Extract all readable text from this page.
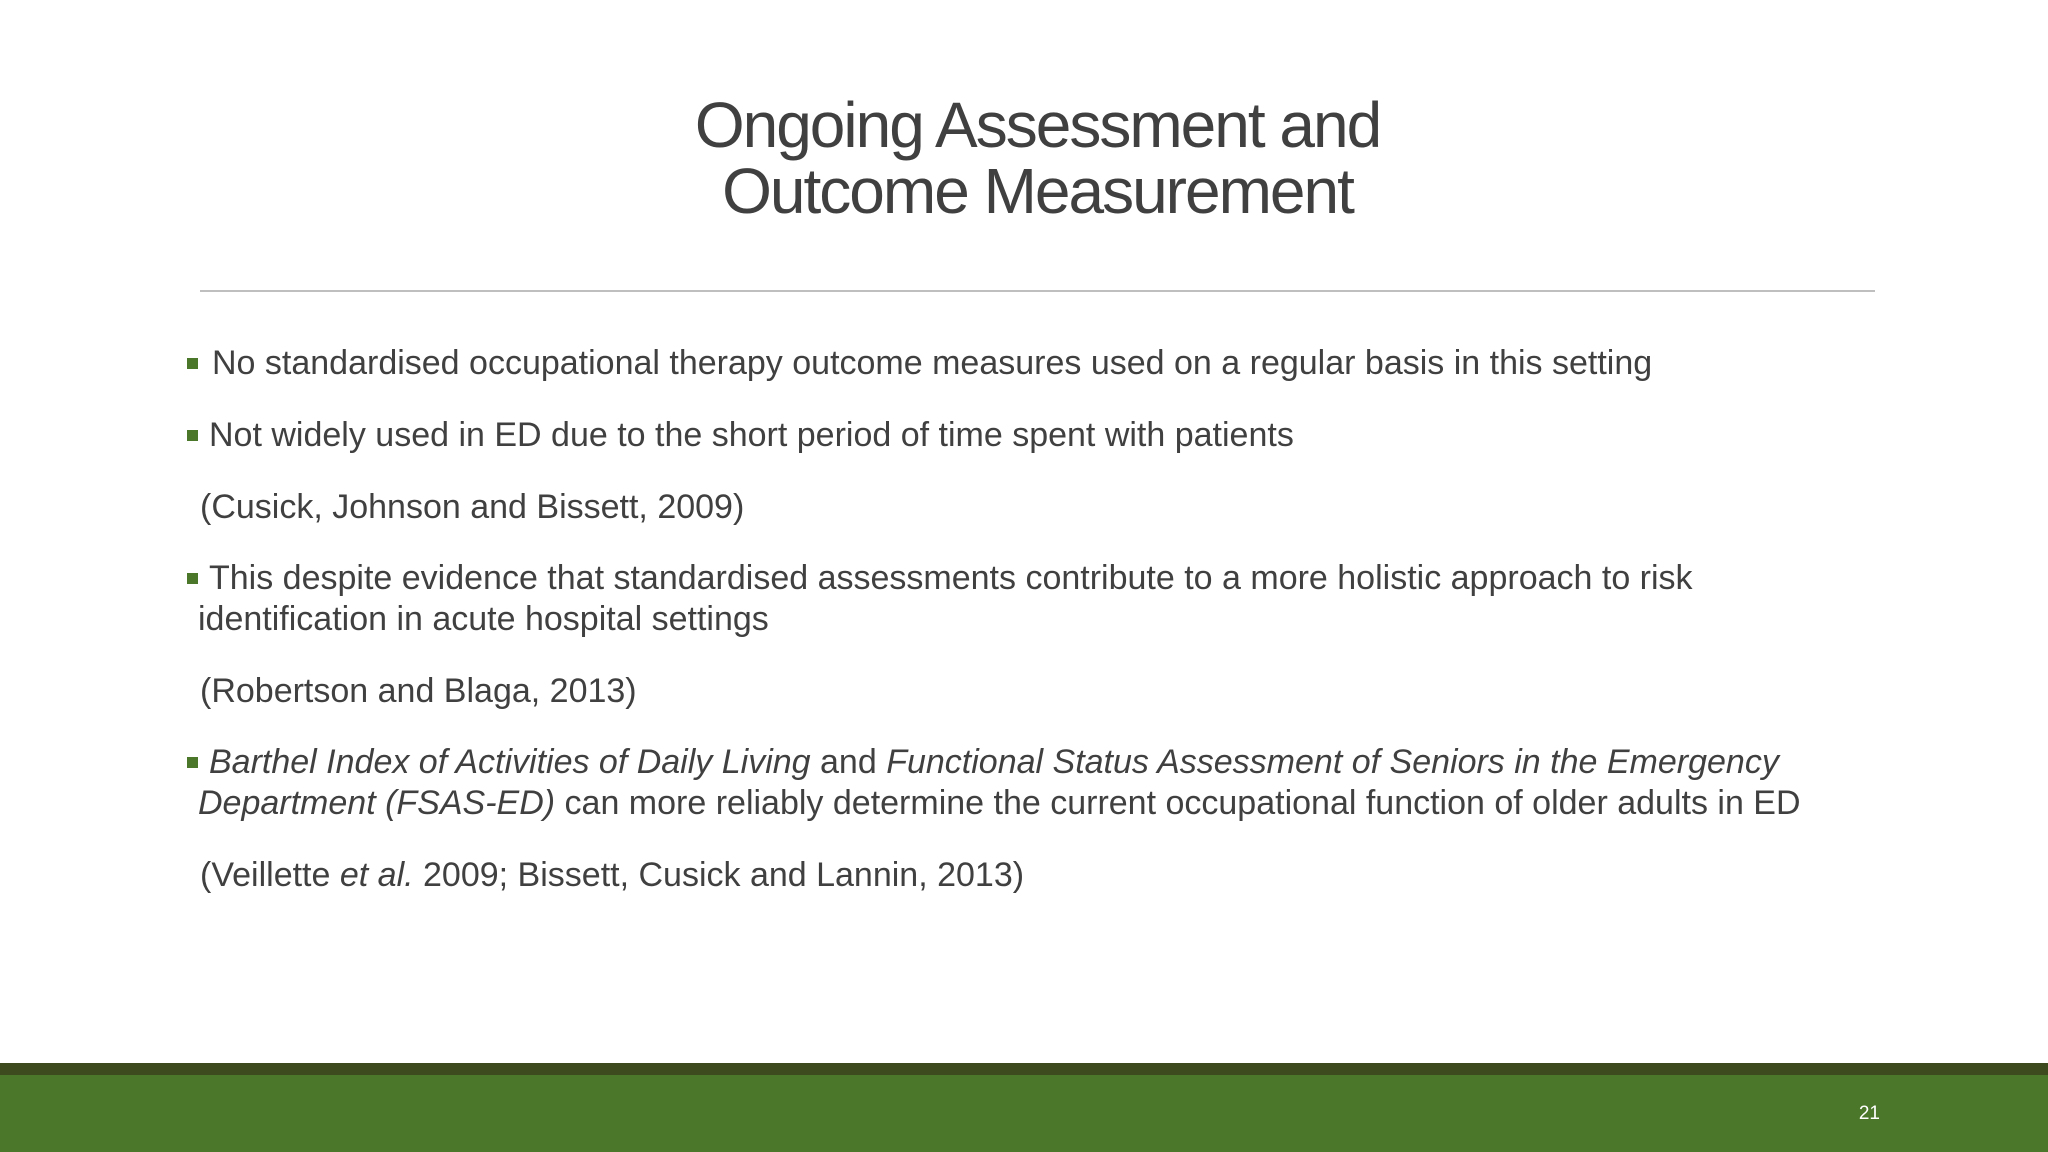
Ongoing Assessment and
Outcome Measurement

No standardised occupational therapy outcome measures used on a regular basis in this setting

Not widely used in ED due to the short period of time spent with patients

(Cusick, Johnson and Bissett, 2009)

This despite evidence that standardised assessments contribute to a more holistic approach to risk identification in acute hospital settings

(Robertson and Blaga, 2013)

Barthel Index of Activities of Daily Living and Functional Status Assessment of Seniors in the Emergency Department (FSAS-ED) can more reliably determine the current occupational function of older adults in ED

(Veillette et al. 2009; Bissett, Cusick and Lannin, 2013)

21
